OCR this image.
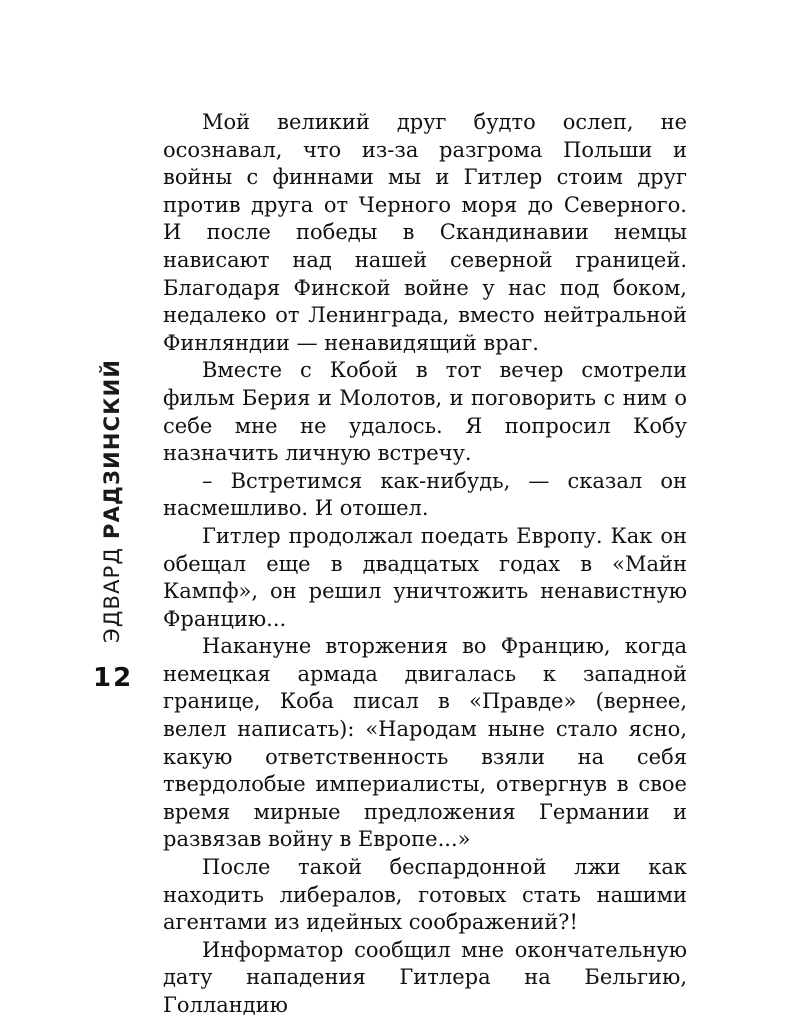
ЭДВАРД РАДЗИНСКИЙ
12

Мой великий друг будто ослеп, не осознавал, что из-за разгрома Польши и войны с финнами мы и Гитлер стоим друг против друга от Черного моря до Северного. И после победы в Скандинавии немцы нависают над нашей северной границей. Благодаря Финской войне у нас под боком, недалеко от Ленинграда, вместо нейтральной Финляндии — ненавидящий враг.

Вместе с Кобой в тот вечер смотрели фильм Берия и Молотов, и поговорить с ним о себе мне не удалось. Я попросил Кобу назначить личную встречу.

– Встретимся как-нибудь, — сказал он насмешливо. И отошел.

Гитлер продолжал поедать Европу. Как он обещал еще в двадцатых годах в «Майн Кампф», он решил уничтожить ненавистную Францию...

Накануне вторжения во Францию, когда немецкая армада двигалась к западной границе, Коба писал в «Правде» (вернее, велел написать): «Народам ныне стало ясно, какую ответственность взяли на себя твердолобые империалисты, отвергнув в свое время мирные предложения Германии и развязав войну в Европе...»

После такой беспардонной лжи как находить либералов, готовых стать нашими агентами из идейных соображений?!

Информатор сообщил мне окончательную дату нападения Гитлера на Бельгию, Голландию
